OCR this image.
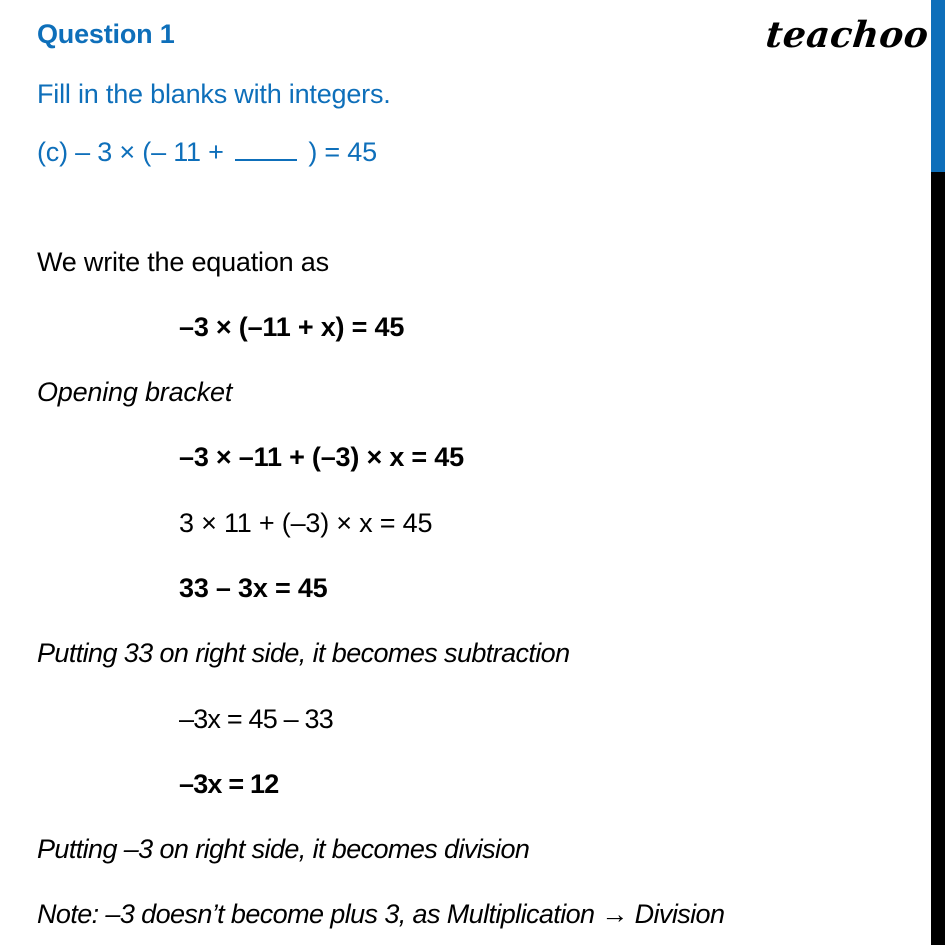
Question 1	teachoo
Fill in the blanks with integers.
(c) – 3 × (– 11 +	) = 45
We write the equation as
–3 × (–11 + x) = 45
Opening bracket
–3 × –11 + (–3) × x = 45
3 × 11 + (–3) × x = 45
33 – 3x = 45
Putting 33 on right side, it becomes subtraction
–3x = 45 – 33
–3x = 12
Putting –3 on right side, it becomes division
Note: –3 doesn’t become plus 3, as Multiplication → Division
